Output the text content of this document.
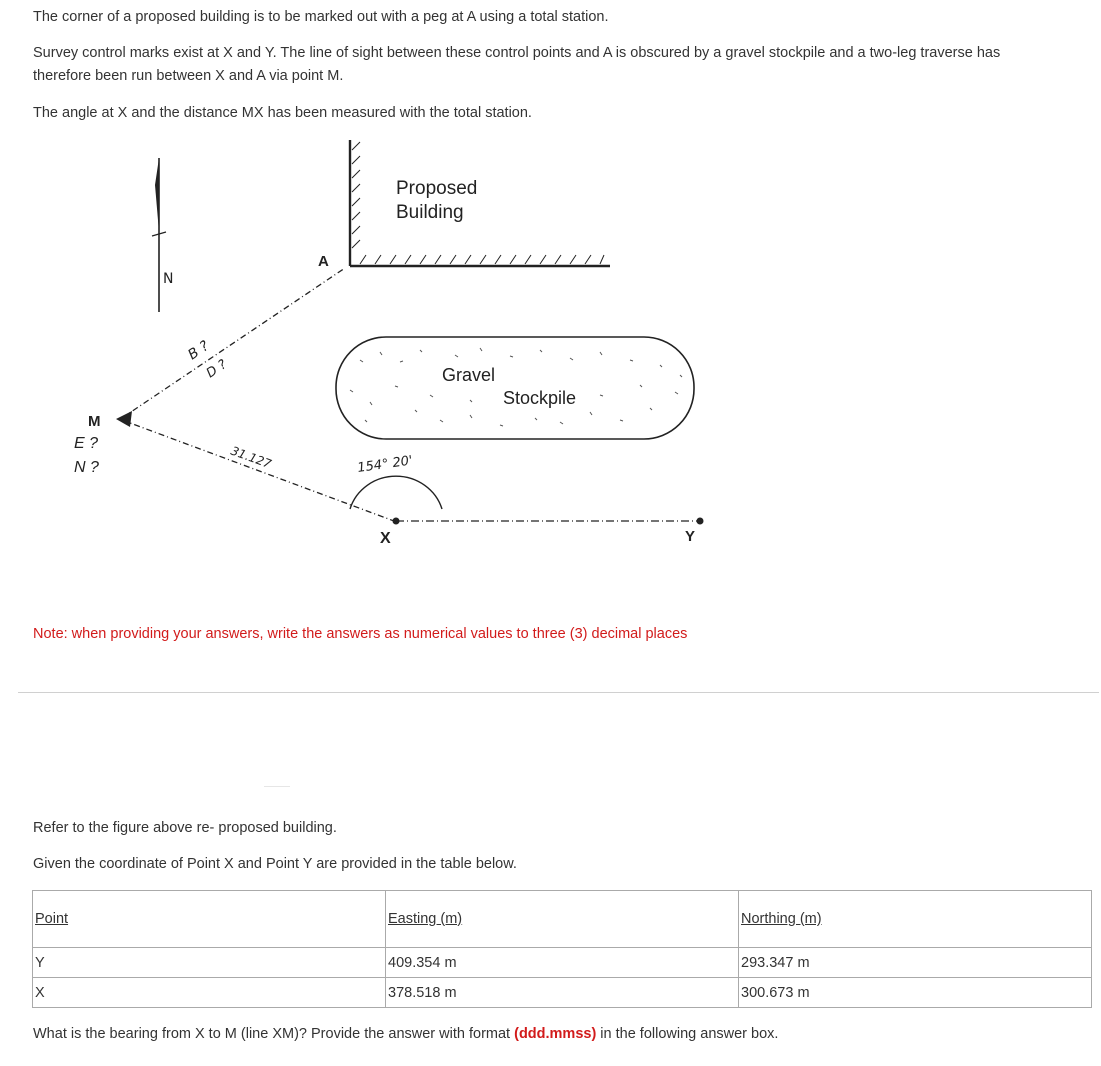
The corner of a proposed building is to be marked out with a peg at A using a total station.

Survey control marks exist at X and Y. The line of sight between these control points and A is obscured by a gravel stockpile and a two-leg traverse has

therefore been run between X and A via point M.

The angle at X and the distance MX has been measured with the total station.

N
Proposed
Building
A
B ?
D ?
31.127
M
E ?
N ?
Gravel
Stockpile
154° 20'
X	Y

Note: when providing your answers, write the answers as numerical values to three (3) decimal places

Refer to the figure above re- proposed building.

Given the coordinate of Point X and Point Y are provided in the table below.

Point	Easting (m)	Northing (m)
Y	409.354 m	293.347 m
X	378.518 m	300.673 m

What is the bearing from X to M (line XM)? Provide the answer with format (ddd.mmss) in the following answer box.
